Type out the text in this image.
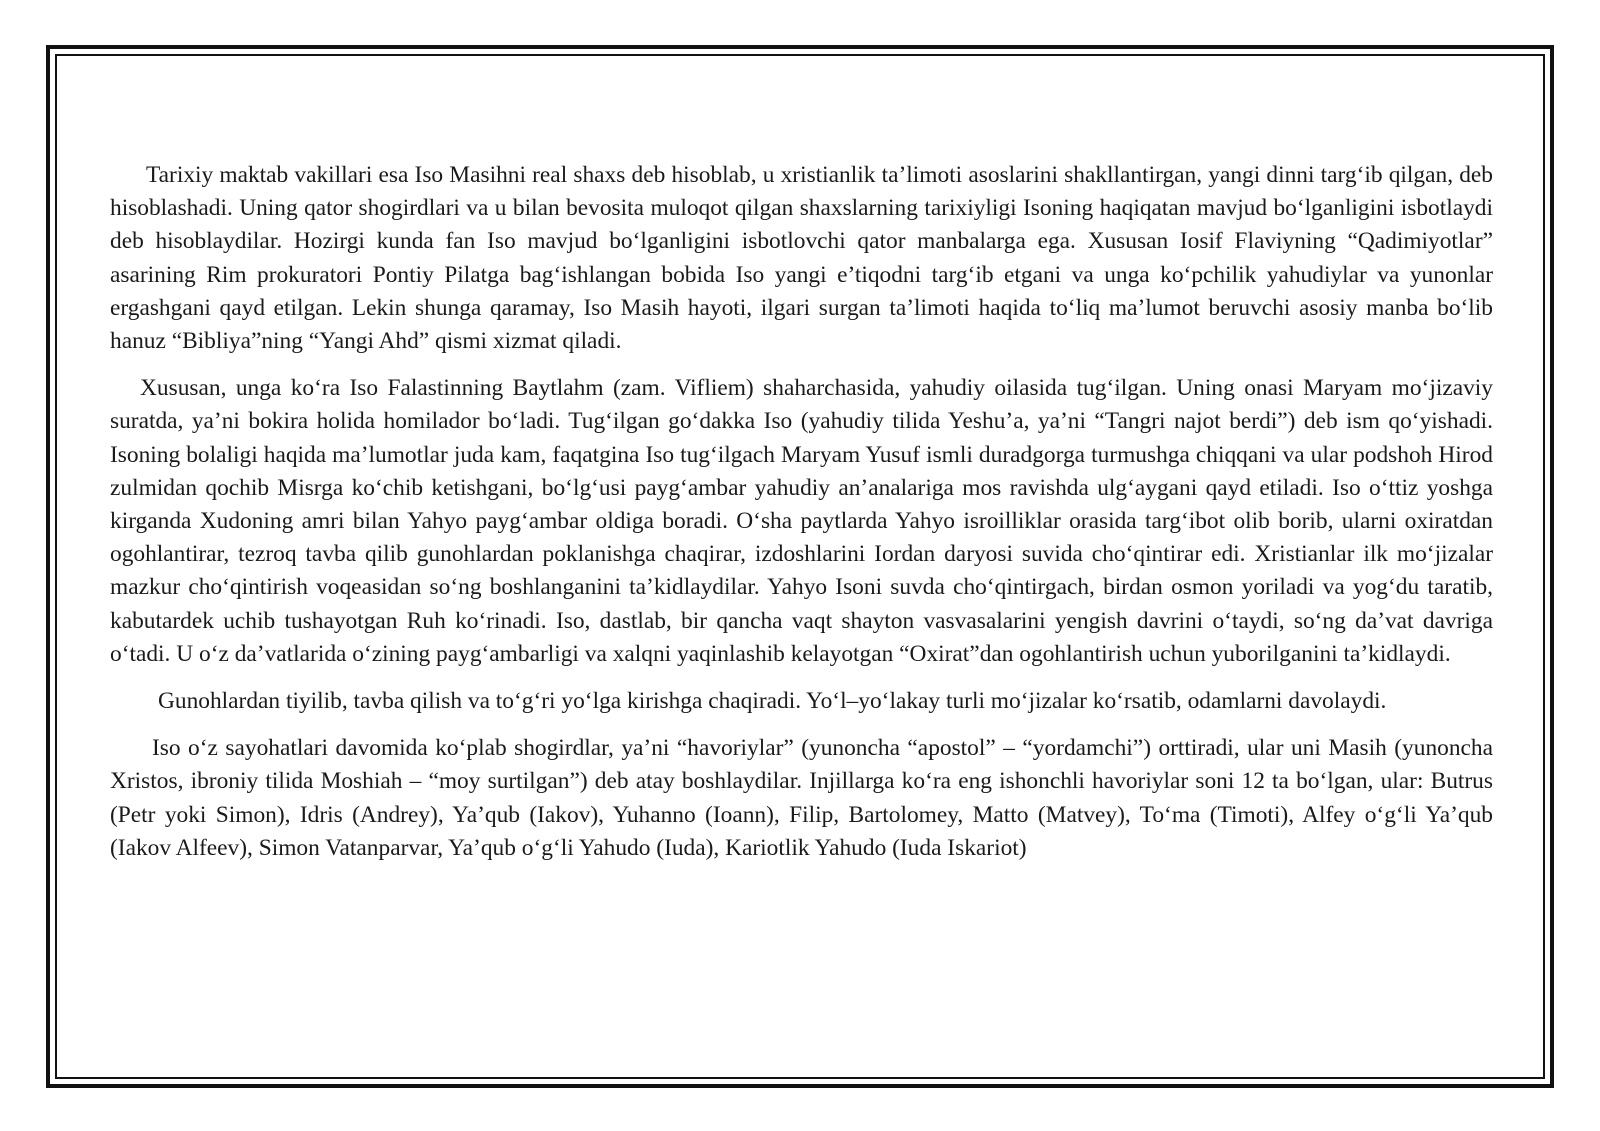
Tarixiy maktab vakillari esa Iso Masihni real shaxs deb hisoblab, u xristianlik ta’limoti asoslarini shakllantirgan, yangi dinni targ‘ib qilgan, deb hisoblashadi. Uning qator shogirdlari va u bilan bevosita muloqot qilgan shaxslarning tarixiyligi Isoning haqiqatan mavjud bo‘lganligini isbotlaydi deb hisoblaydilar. Hozirgi kunda fan Iso mavjud bo‘lganligini isbotlovchi qator manbalarga ega. Xususan Iosif Flaviyning “Qadimiyotlar” asarining Rim prokuratori Pontiy Pilatga bag‘ishlangan bobida Iso yangi e’tiqodni targ‘ib etgani va unga ko‘pchilik yahudiylar va yunonlar ergashgani qayd etilgan. Lekin shunga qaramay, Iso Masih hayoti, ilgari surgan ta’limoti haqida to‘liq ma’lumot beruvchi asosiy manba bo‘lib hanuz “Bibliya”ning “Yangi Ahd” qismi xizmat qiladi.

Xususan, unga ko‘ra Iso Falastinning Baytlahm (zam. Vifliem) shaharchasida, yahudiy oilasida tug‘ilgan. Uning onasi Maryam mo‘jizaviy suratda, ya’ni bokira holida homilador bo‘ladi. Tug‘ilgan go‘dakka Iso (yahudiy tilida Yeshu’a, ya’ni “Tangri najot berdi”) deb ism qo‘yishadi. Isoning bolaligi haqida ma’lumotlar juda kam, faqatgina Iso tug‘ilgach Maryam Yusuf ismli duradgorga turmushga chiqqani va ular podshoh Hirod zulmidan qochib Misrga ko‘chib ketishgani, bo‘lg‘usi payg‘ambar yahudiy an’analariga mos ravishda ulg‘aygani qayd etiladi. Iso o‘ttiz yoshga kirganda Xudoning amri bilan Yahyo payg‘ambar oldiga boradi. O‘sha paytlarda Yahyo isroilliklar orasida targ‘ibot olib borib, ularni oxiratdan ogohlantirar, tezroq tavba qilib gunohlardan poklanishga chaqirar, izdoshlarini Iordan daryosi suvida cho‘qintirar edi. Xristianlar ilk mo‘jizalar mazkur cho‘qintirish voqeasidan so‘ng boshlanganini ta’kidlaydilar. Yahyo Isoni suvda cho‘qintirgach, birdan osmon yoriladi va yog‘du taratib, kabutardek uchib tushayotgan Ruh ko‘rinadi. Iso, dastlab, bir qancha vaqt shayton vasvasalarini yengish davrini o‘taydi, so‘ng da’vat davriga o‘tadi. U o‘z da’vatlarida o‘zining payg‘ambarligi va xalqni yaqinlashib kelayotgan “Oxirat”dan ogohlantirish uchun yuborilganini ta’kidlaydi.

Gunohlardan tiyilib, tavba qilish va to‘g‘ri yo‘lga kirishga chaqiradi. Yo‘l–yo‘lakay turli mo‘jizalar ko‘rsatib, odamlarni davolaydi.

Iso o‘z sayohatlari davomida ko‘plab shogirdlar, ya’ni “havoriylar” (yunoncha “apostol” – “yordamchi”) orttiradi, ular uni Masih (yunoncha Xristos, ibroniy tilida Moshiah – “moy surtilgan”) deb atay boshlaydilar. Injillarga ko‘ra eng ishonchli havoriylar soni 12 ta bo‘lgan, ular: Butrus (Petr yoki Simon), Idris (Andrey), Ya’qub (Iakov), Yuhanno (Ioann), Filip, Bartolomey, Matto (Matvey), To‘ma (Timoti), Alfey o‘g‘li Ya’qub (Iakov Alfeev), Simon Vatanparvar, Ya’qub o‘g‘li Yahudo (Iuda), Kariotlik Yahudo (Iuda Iskariot)
